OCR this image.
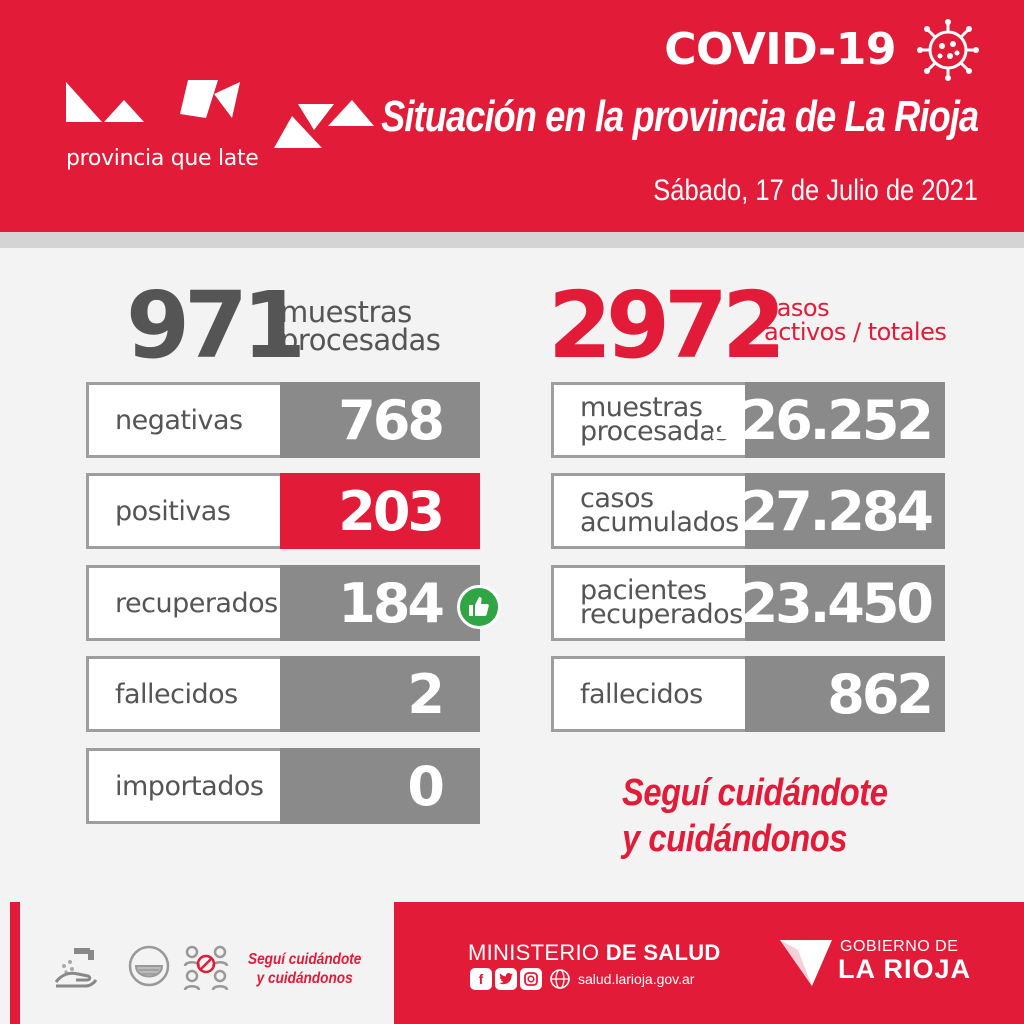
provincia que late
COVID-19
Situación en la provincia de La Rioja
Sábado, 17 de Julio de 2021
971
muestras
procesadas 2972
casos
activos / totales
negativas	768
positivas	203
recuperados	184
fallecidos	2
importados	0
muestras
procesadas
126.252
casos
acumulados 27.284
pacientes
recuperados
23.450
fallecidos	862
Seguí cuidándote
y cuidándonos
Seguí cuidándote
y cuidándonos
MINISTERIO DE SALUD
f	salud.larioja.gov.ar
GOBIERNO DE
LA RIOJA
